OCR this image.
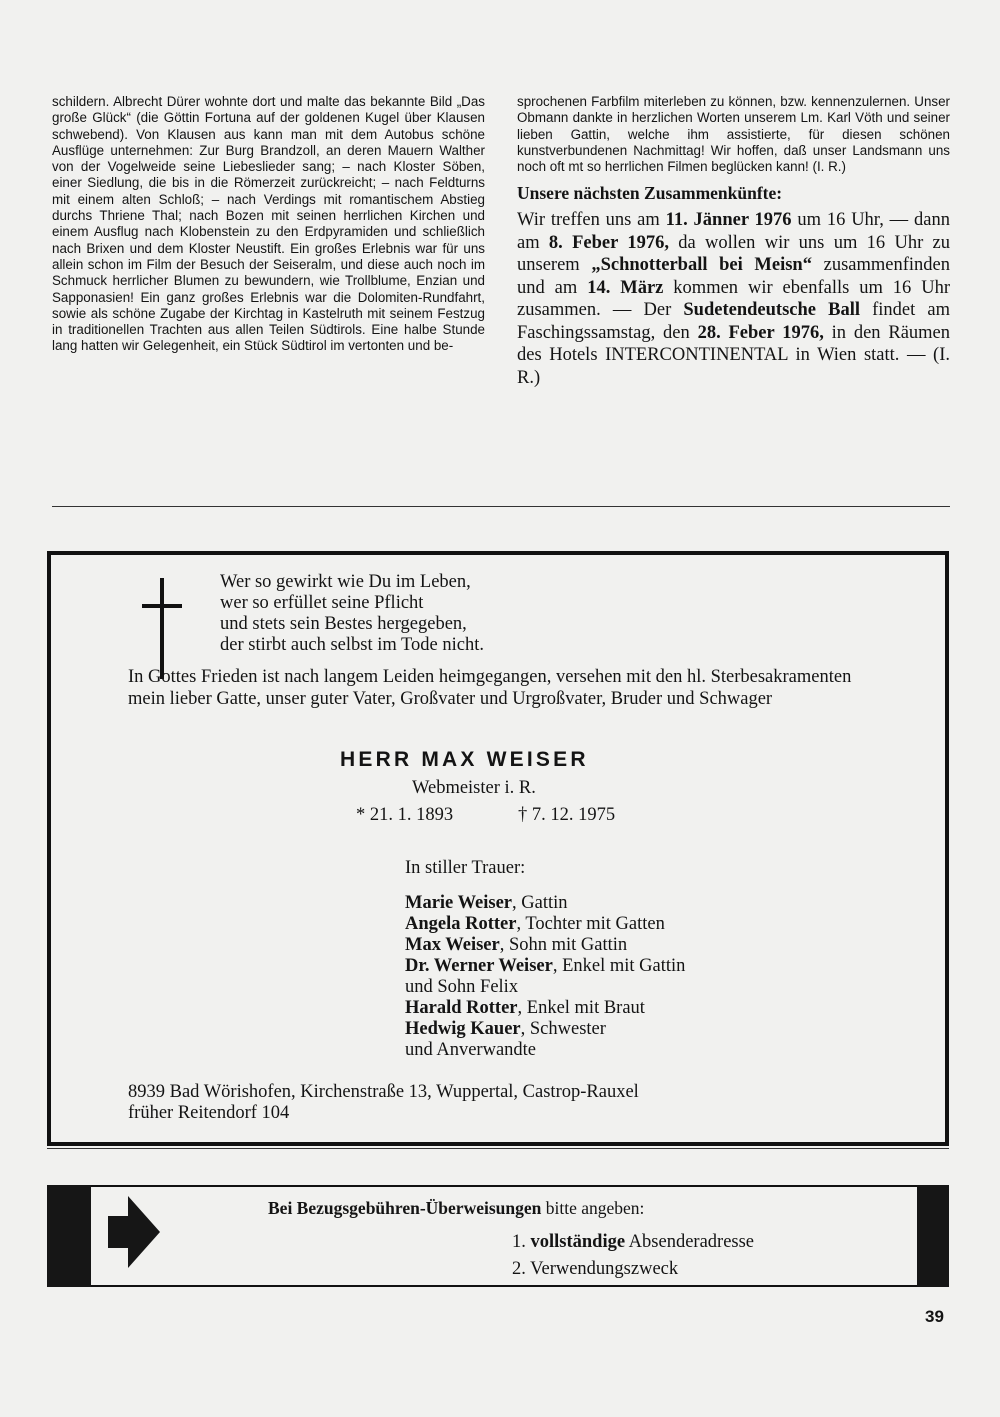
schildern. Albrecht Dürer wohnte dort und malte das bekannte Bild „Das große Glück“ (die Göttin Fortuna auf der goldenen Kugel über Klausen schwebend). Von Klausen aus kann man mit dem Autobus schöne Ausflüge unternehmen: Zur Burg Brandzoll, an deren Mauern Walther von der Vogelweide seine Liebeslieder sang; – nach Kloster Söben, einer Siedlung, die bis in die Römerzeit zurückreicht; – nach Feldturns mit einem alten Schloß; – nach Verdings mit romantischem Abstieg durchs Thriene Thal; nach Bozen mit seinen herrlichen Kirchen und einem Ausflug nach Klobenstein zu den Erdpyramiden und schließlich nach Brixen und dem Kloster Neustift. Ein großes Erlebnis war für uns allein schon im Film der Besuch der Seiseralm, und diese auch noch im Schmuck herrlicher Blumen zu bewundern, wie Trollblume, Enzian und Sapponasien! Ein ganz großes Erlebnis war die Dolomiten-Rundfahrt, sowie als schöne Zugabe der Kirchtag in Kastelruth mit seinem Festzug in traditionellen Trachten aus allen Teilen Südtirols. Eine halbe Stunde lang hatten wir Gelegenheit, ein Stück Südtirol im vertonten und be-
sprochenen Farbfilm miterleben zu können, bzw. kennenzulernen. Unser Obmann dankte in herzlichen Worten unserem Lm. Karl Vöth und seiner lieben Gattin, welche ihm assistierte, für diesen schönen kunstverbundenen Nachmittag! Wir hoffen, daß unser Landsmann uns noch oft mt so herrlichen Filmen beglücken kann! (I. R.)
Unsere nächsten Zusammenkünfte:
Wir treffen uns am 11. Jänner 1976 um 16 Uhr, — dann am 8. Feber 1976, da wollen wir uns um 16 Uhr zu unserem „Schnotterball bei Meisn“ zusammenfinden und am 14. März kommen wir ebenfalls um 16 Uhr zusammen. — Der Sudetendeutsche Ball findet am Faschingssamstag, den 28. Feber 1976, in den Räumen des Hotels INTERCONTINENTAL in Wien statt. — (I. R.)
Wer so gewirkt wie Du im Leben,
wer so erfüllet seine Pflicht
und stets sein Bestes hergegeben,
der stirbt auch selbst im Tode nicht.
In Gottes Frieden ist nach langem Leiden heimgegangen, versehen mit den hl. Sterbesakramenten mein lieber Gatte, unser guter Vater, Großvater und Urgroßvater, Bruder und Schwager
HERR MAX WEISER
Webmeister i. R.
* 21. 1. 1893	† 7. 12. 1975
In stiller Trauer:
Marie Weiser, Gattin
Angela Rotter, Tochter mit Gatten
Max Weiser, Sohn mit Gattin
Dr. Werner Weiser, Enkel mit Gattin
und Sohn Felix
Harald Rotter, Enkel mit Braut
Hedwig Kauer, Schwester
und Anverwandte
8939 Bad Wörishofen, Kirchenstraße 13, Wuppertal, Castrop-Rauxel
früher Reitendorf 104
Bei Bezugsgebühren-Überweisungen bitte angeben:
1. vollständige Absenderadresse
2. Verwendungszweck
39
